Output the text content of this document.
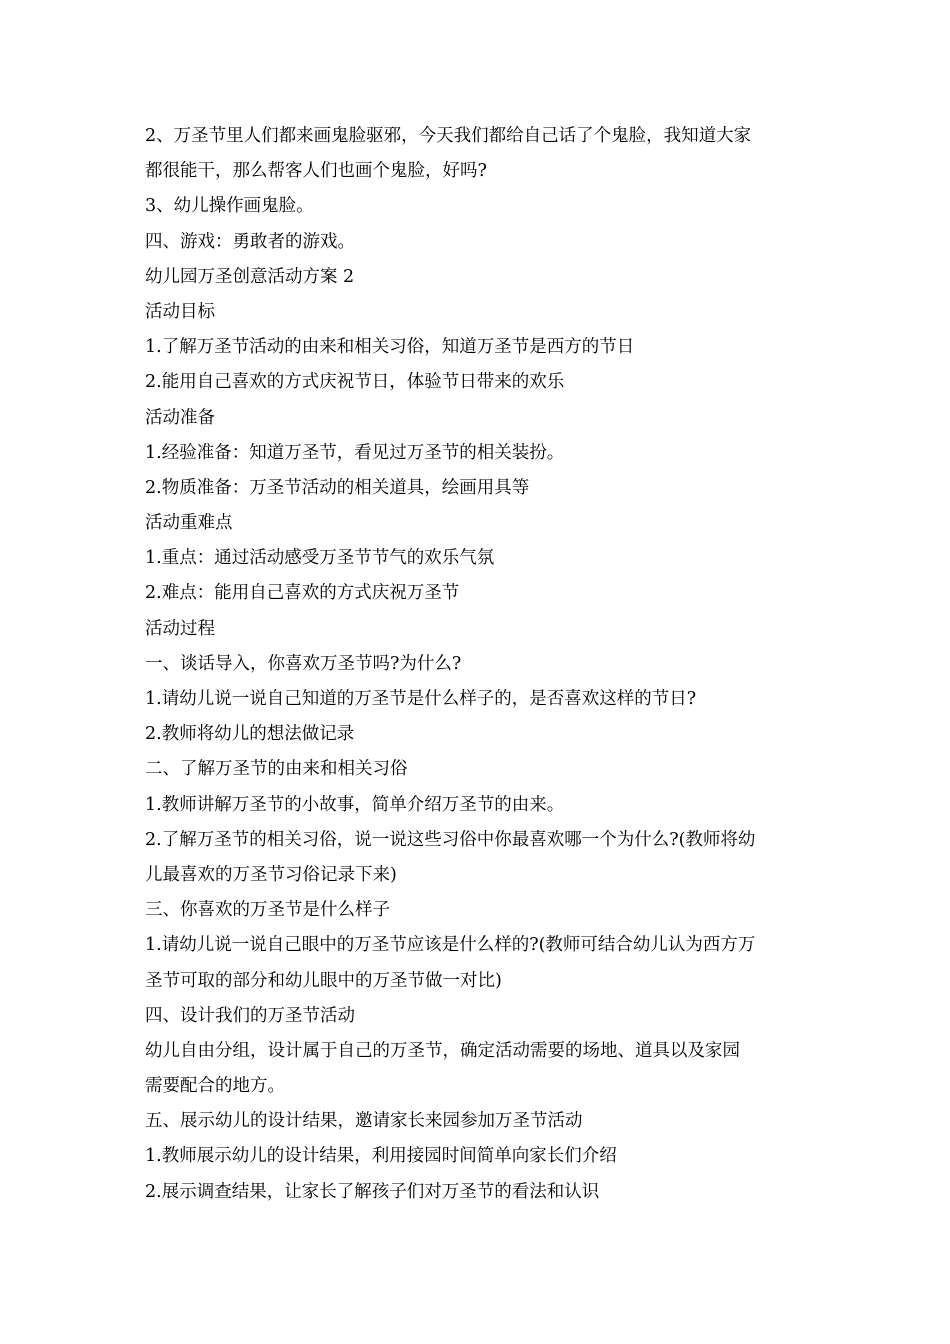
2、万圣节里人们都来画鬼脸驱邪，今天我们都给自己话了个鬼脸，我知道大家
都很能干，那么帮客人们也画个鬼脸，好吗?
3、幼儿操作画鬼脸。
四、游戏：勇敢者的游戏。
幼儿园万圣创意活动方案 2
活动目标
1.了解万圣节活动的由来和相关习俗，知道万圣节是西方的节日
2.能用自己喜欢的方式庆祝节日，体验节日带来的欢乐
活动准备
1.经验准备：知道万圣节，看见过万圣节的相关装扮。
2.物质准备：万圣节活动的相关道具，绘画用具等
活动重难点
1.重点：通过活动感受万圣节节气的欢乐气氛
2.难点：能用自己喜欢的方式庆祝万圣节
活动过程
一、谈话导入，你喜欢万圣节吗?为什么?
1.请幼儿说一说自己知道的万圣节是什么样子的，是否喜欢这样的节日?
2.教师将幼儿的想法做记录
二、了解万圣节的由来和相关习俗
1.教师讲解万圣节的小故事，简单介绍万圣节的由来。
2.了解万圣节的相关习俗，说一说这些习俗中你最喜欢哪一个为什么?(教师将幼
儿最喜欢的万圣节习俗记录下来)
三、你喜欢的万圣节是什么样子
1.请幼儿说一说自己眼中的万圣节应该是什么样的?(教师可结合幼儿认为西方万
圣节可取的部分和幼儿眼中的万圣节做一对比)
四、设计我们的万圣节活动
幼儿自由分组，设计属于自己的万圣节，确定活动需要的场地、道具以及家园
需要配合的地方。
五、展示幼儿的设计结果，邀请家长来园参加万圣节活动
1.教师展示幼儿的设计结果，利用接园时间简单向家长们介绍
2.展示调查结果，让家长了解孩子们对万圣节的看法和认识
